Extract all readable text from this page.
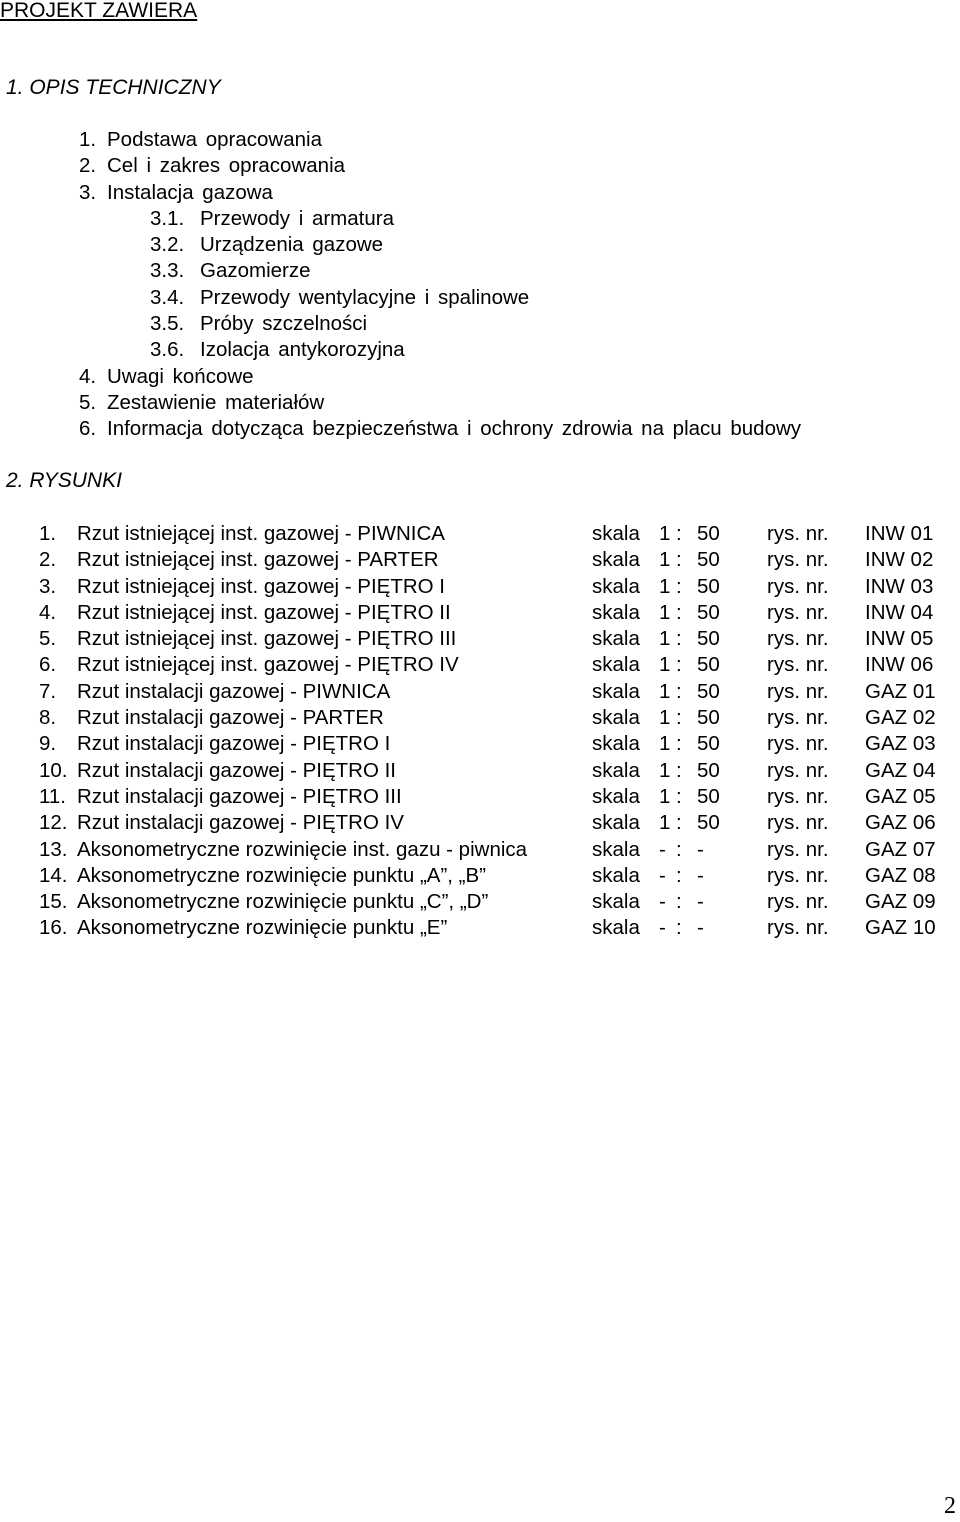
PROJEKT ZAWIERA
1. OPIS TECHNICZNY
1. Podstawa opracowania
2. Cel i zakres opracowania
3. Instalacja gazowa
3.1. Przewody i armatura
3.2. Urządzenia gazowe
3.3. Gazomierze
3.4. Przewody wentylacyjne i spalinowe
3.5. Próby szczelności
3.6. Izolacja antykorozyjna
4. Uwagi końcowe
5. Zestawienie materiałów
6. Informacja dotycząca bezpieczeństwa i ochrony zdrowia na placu budowy
2. RYSUNKI
1. Rzut istniejącej inst. gazowej - PIWNICA	skala 1 : 50 rys. nr. INW 01
2. Rzut istniejącej inst. gazowej - PARTER	skala 1 : 50 rys. nr. INW 02
3. Rzut istniejącej inst. gazowej - PIĘTRO I	skala 1 : 50 rys. nr. INW 03
4. Rzut istniejącej inst. gazowej - PIĘTRO II	skala 1 : 50 rys. nr. INW 04
5. Rzut istniejącej inst. gazowej - PIĘTRO III	skala 1 : 50 rys. nr. INW 05
6. Rzut istniejącej inst. gazowej - PIĘTRO IV	skala 1 : 50 rys. nr. INW 06
7. Rzut instalacji gazowej - PIWNICA	skala 1 : 50 rys. nr. GAZ 01
8. Rzut instalacji gazowej - PARTER	skala 1 : 50 rys. nr. GAZ 02
9. Rzut instalacji gazowej - PIĘTRO I	skala 1 : 50 rys. nr. GAZ 03
10. Rzut instalacji gazowej - PIĘTRO II	skala 1 : 50 rys. nr. GAZ 04
11. Rzut instalacji gazowej - PIĘTRO III	skala 1 : 50 rys. nr. GAZ 05
12. Rzut instalacji gazowej - PIĘTRO IV	skala 1 : 50 rys. nr. GAZ 06
13. Aksonometryczne rozwinięcie inst. gazu - piwnica	skala - : -	rys. nr. GAZ 07
14. Aksonometryczne rozwinięcie punktu „A”, „B”	skala - : -	rys. nr. GAZ 08
15. Aksonometryczne rozwinięcie punktu „C”, „D”	skala - : -	rys. nr. GAZ 09
16. Aksonometryczne rozwinięcie punktu „E”	skala - : -	rys. nr. GAZ 10
2
